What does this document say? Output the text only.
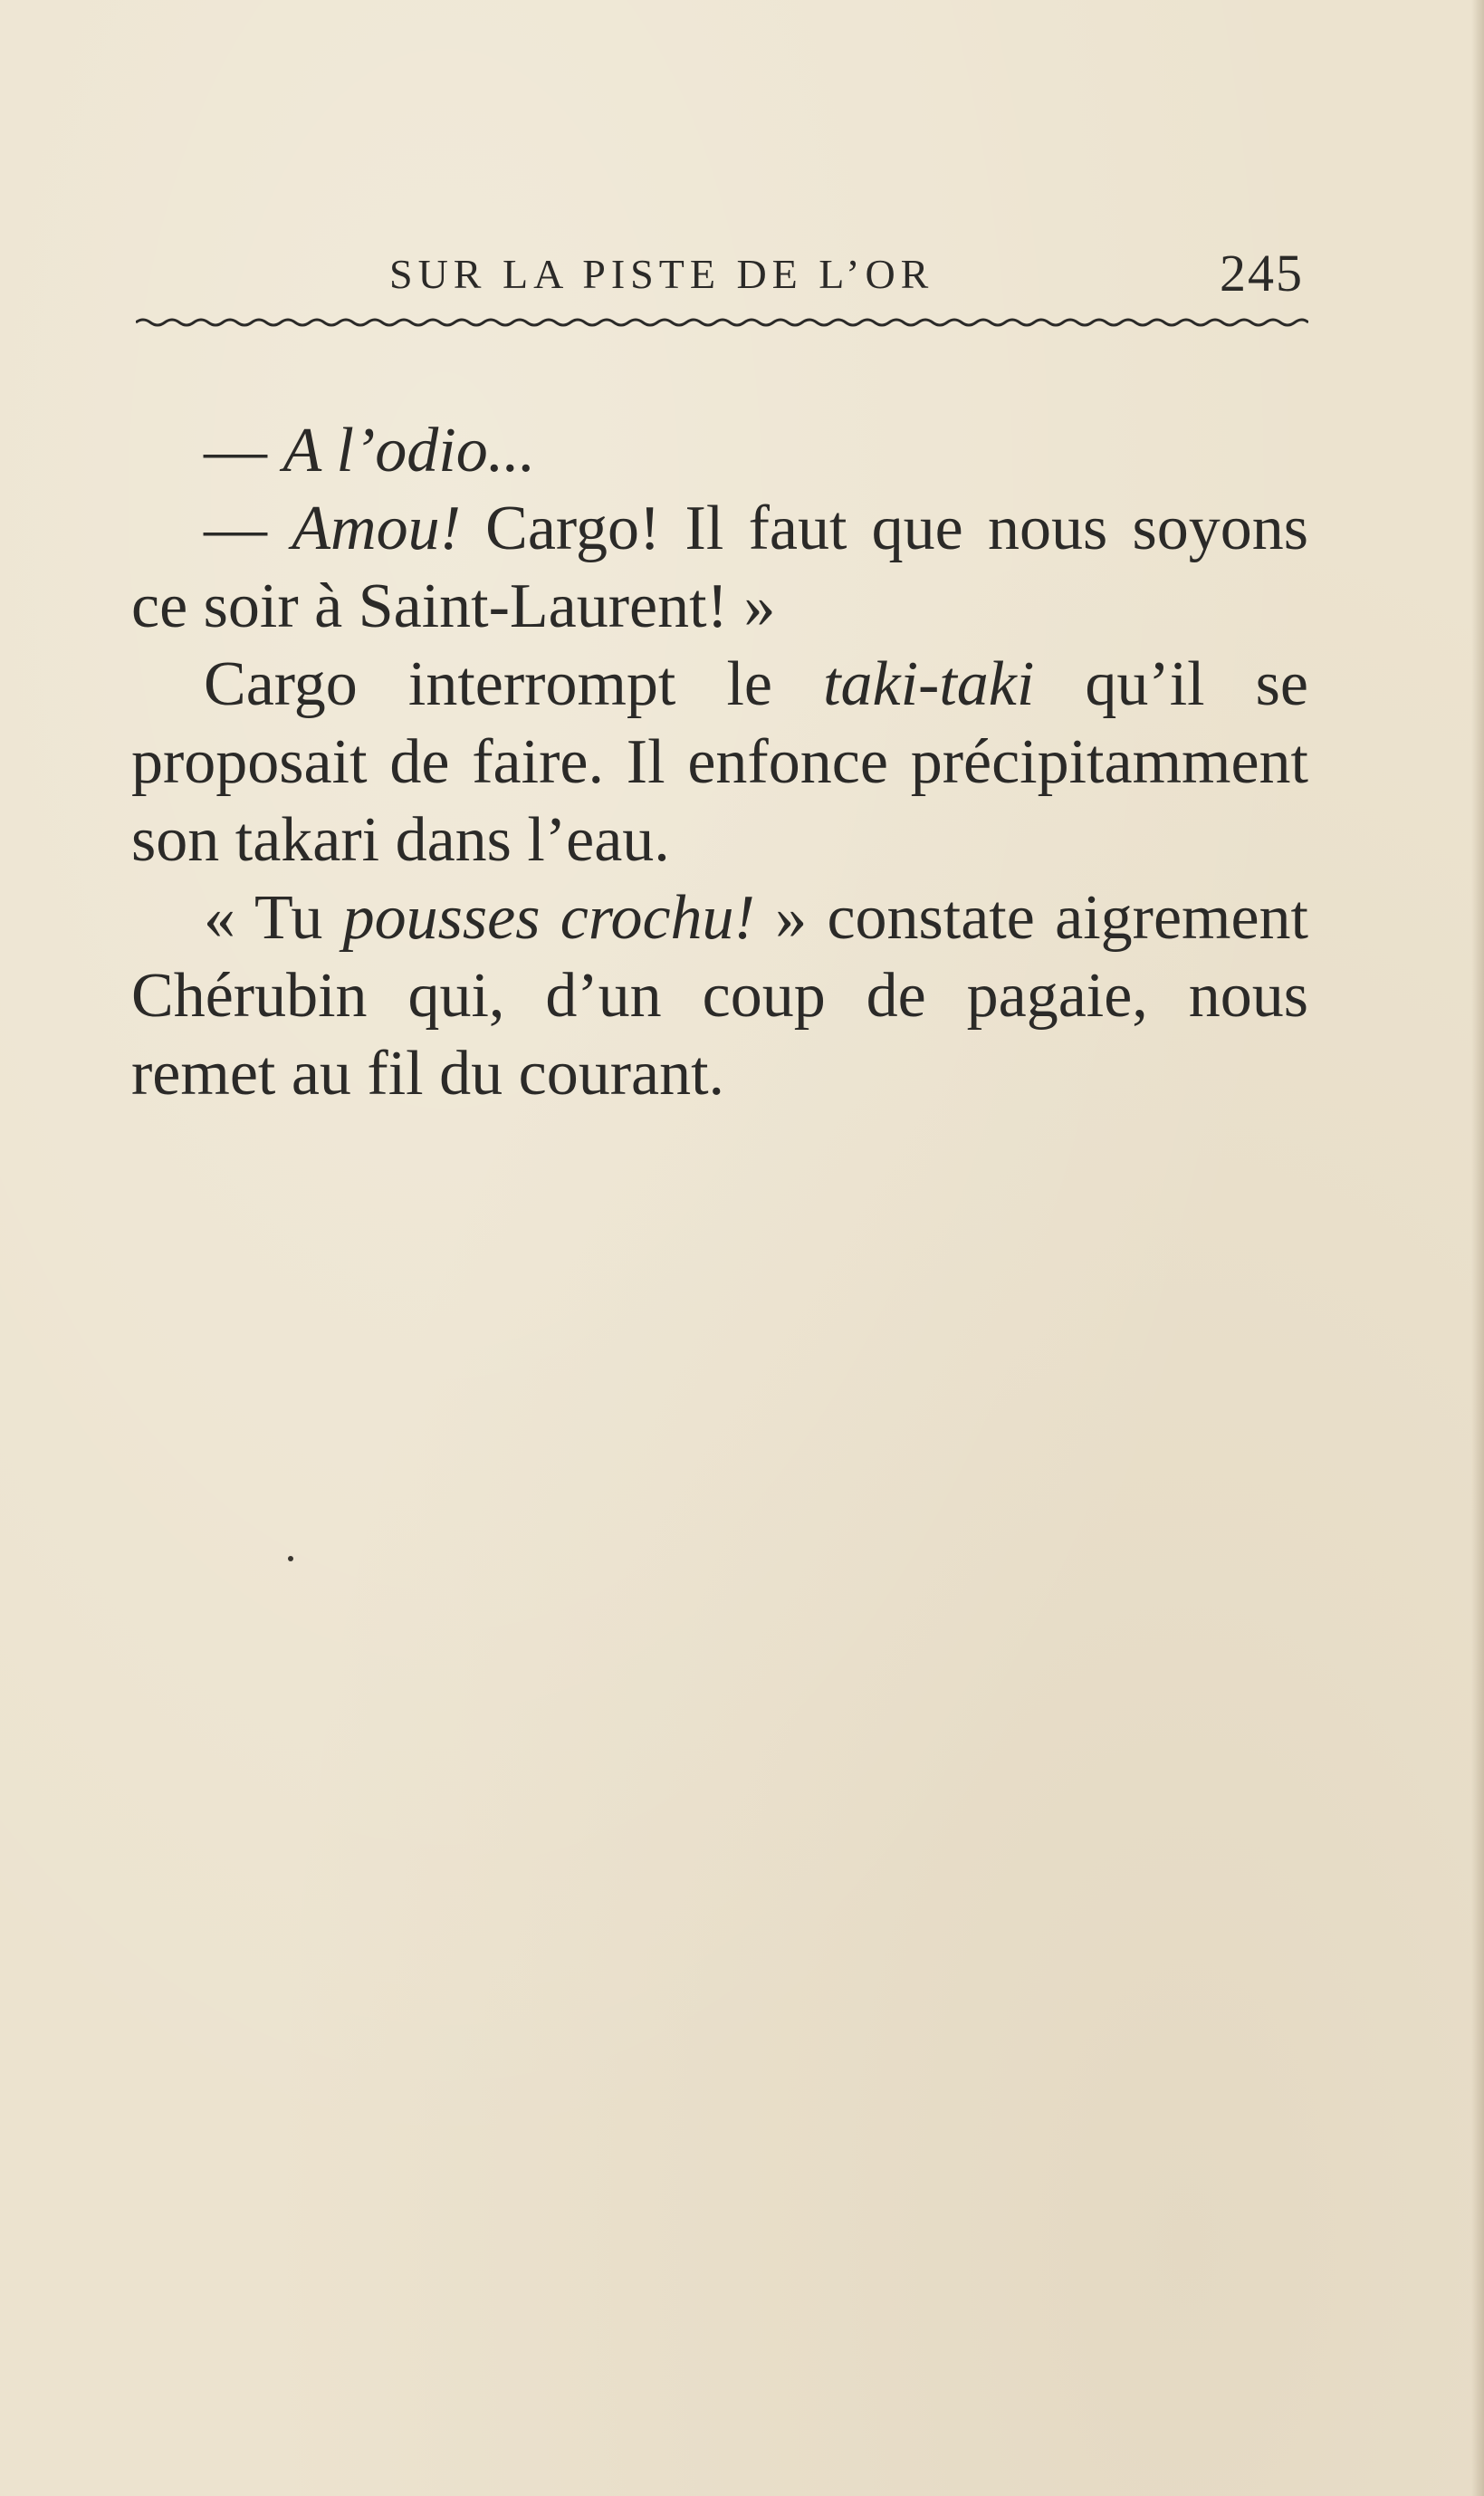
SUR LA PISTE DE L’OR	245

— A l’odio...

— Amou! Cargo! Il faut que nous soyons ce soir à Saint-Laurent! »

Cargo interrompt le taki-taki qu’il se proposait de faire. Il enfonce précipitamment son takari dans l’eau.

« Tu pousses crochu! » constate aigrement Chérubin qui, d’un coup de pagaie, nous remet au fil du courant.
